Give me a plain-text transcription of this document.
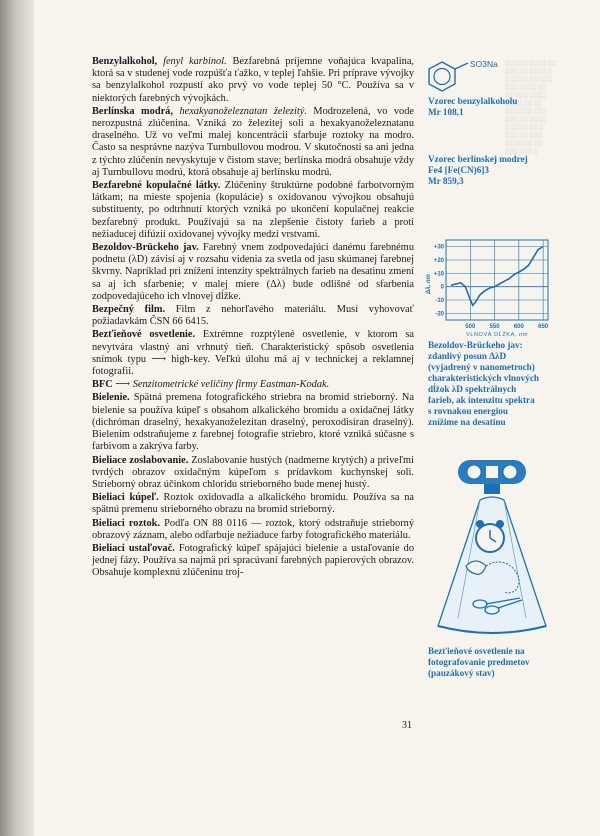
░░ ░░░ ░░░░ ░░
░░░ ░░ ░░░░ ░
░ ░░░░ ░░ ░░░
░░░ ░░░░ ░░
░░ ░░░ ░░░░
░░░░ ░░ ░░
░░ ░░░░ ░░░
░░░ ░░ ░░░░
░ ░░░░ ░░ ░
░░░ ░░ ░░░
░░ ░░░░ ░░
░░░ ░░░ ░

Benzylalkohol, fenyl karbinol. Bezfarebná príjemne voňajúca kvapalina, ktorá sa v studenej vode rozpúšťa ťažko, v teplej ľahšie. Pri príprave vývojky sa benzylalkohol rozpustí ako prvý vo vode teplej 50 °C. Používa sa v niektorých farebných vývojkách.

Berlínska modrá, hexakyanoželeznatan železitý. Modrozelená, vo vode nerozpustná zlúčenina. Vzniká zo železitej soli a hexakyanoželeznatanu draselného. Už vo veľmi malej koncentrácii sfarbuje roztoky na modro. Často sa nesprávne nazýva Turnbullovou modrou. V skutočnosti sa ani jedna z týchto zlúčenín nevyskytuje v čistom stave; berlínska modrá obsahuje vždy aj Turnbullovu modrú, ktorá obsahuje aj berlínsku modrú.

Bezfarebné kopulačné látky. Zlúčeniny štruktúrne podobné farbotvorným látkam; na mieste spojenia (kopulácie) s oxidovanou vývojkou obsahujú substituenty, po odtrhnutí ktorých vzniká po ukončení kopulačnej reakcie bezfarebný produkt. Používajú sa na zlepšenie čistoty farieb a proti nežiaducej difúzii oxidovanej vývojky medzi vrstvami.

Bezoldov-Brückeho jav. Farebný vnem zodpovedajúci danému farebnému podnetu (λD) závisí aj v rozsahu videnia za svetla od jasu skúmanej farebnej škvrny. Napríklad pri znížení intenzity spektrálnych farieb na desatinu zmení sa aj ich sfarbenie; v malej miere (Δλ) bude odlišné od sfarbenia zodpovedajúceho ich vlnovej dĺžke.

Bezpečný film. Film z nehorľavého materiálu. Musí vyhovovať požiadavkám ČSN 66 6415.

Bezťieňové osvetlenie. Extrémne rozptýlené osvetlenie, v ktorom sa nevytvára vlastný ani vrhnutý tieň. Charakteristický spôsob osvetlenia snímok typu ⟶ high-key. Veľkú úlohu má aj v technickej a reklamnej fotografii.

BFC ⟶ Senzitometrické veličiny firmy Eastman-Kodak.

Bielenie. Spätná premena fotografického striebra na bromid strieborný. Na bielenie sa používa kúpeľ s obsahom alkalického bromidu a oxidačnej látky (dichróman draselný, hexakyanoželezitan draselný, peroxodisíran draselný). Bielením odstraňujeme z farebnej fotografie striebro, ktoré vzniká súčasne s farbivom a zakrýva farby.

Bieliace zoslabovanie. Zoslabovanie hustých (nadmerne krytých) a priveľmi tvrdých obrazov oxidačným kúpeľom s prídavkom kuchynskej soli. Strieborný obraz účinkom chloridu strieborného bude menej hustý.

Bieliaci kúpeľ. Roztok oxidovadla a alkalického bromidu. Používa sa na spätnú premenu strieborného obrazu na bromid strieborný.

Bieliaci roztok. Podľa ON 88 0116 — roztok, ktorý odstraňuje strieborný obrazový záznam, alebo odfarbuje nežiaduce farby fotografického materiálu.

Bieliaci ustaľovač. Fotografický kúpeľ spájajúci bielenie a ustaľovanie do jednej fázy. Používa sa najmä pri spracúvaní farebných papierových obrazov. Obsahuje komplexnú zlúčeninu troj-

SO3Na
Vzorec benzylalkoholu
Mr 108,1
Vzorec berlínskej modrej
Fe4 [Fe(CN)6]3
Mr 859,3
+30
+20
+10
0
-10
-20
500 550 600 650
Δλ, nm
VLNOVÁ DĹŽKA, nm
Bezoldov-Brückeho jav:
zdanlivý posun ΔλD
(vyjadrený v nanometroch)
charakteristických vlnových
dĺžok λD spektrálnych
farieb, ak intenzitu spektra
s rovnakou energiou
znížime na desatinu
Bezťieňové osvetlenie na
fotografovanie predmetov
(pauzákový stav)
31
